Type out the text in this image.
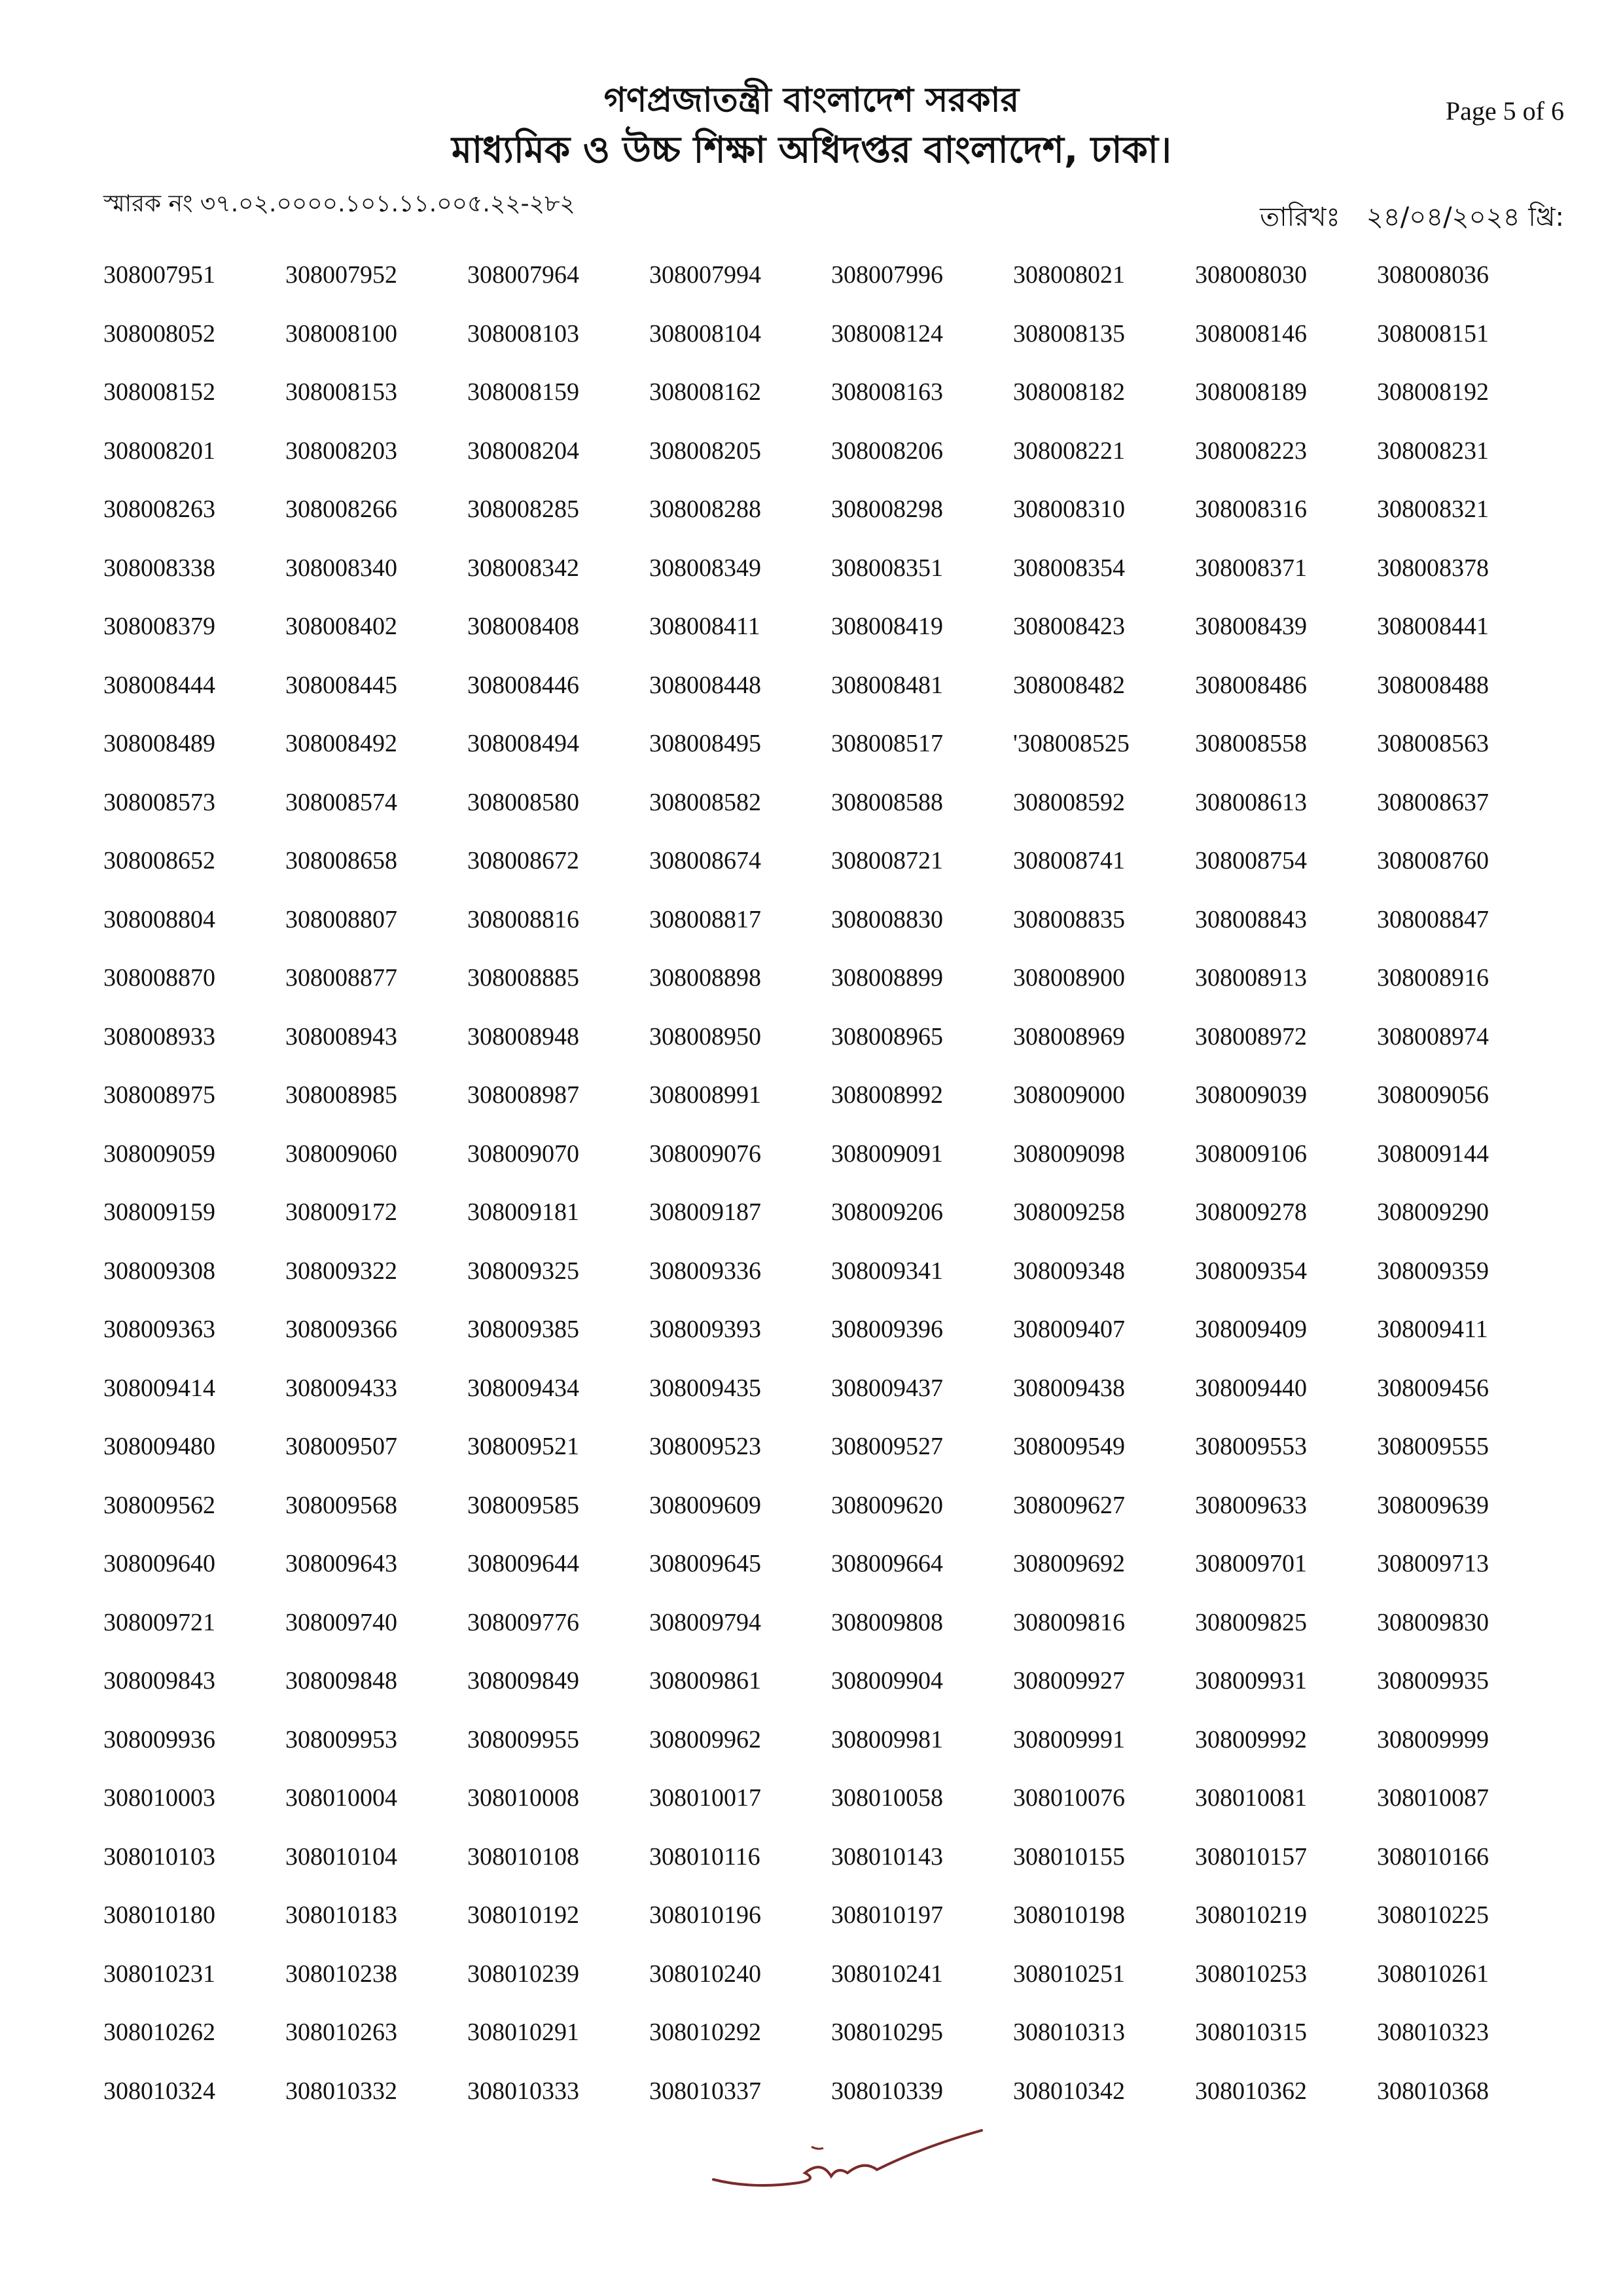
গণপ্রজাতন্ত্রী বাংলাদেশ সরকার
মাধ্যমিক ও উচ্চ শিক্ষা অধিদপ্তর বাংলাদেশ, ঢাকা।
Page 5 of 6
স্মারক নং ৩৭.০২.০০০০.১০১.১১.০০৫.২২-২৮২	তারিখঃ ২৪/০৪/২০২৪ খ্রি:
308007951	308007952	308007964	308007994	308007996	308008021	308008030	308008036
308008052	308008100	308008103	308008104	308008124	308008135	308008146	308008151
308008152	308008153	308008159	308008162	308008163	308008182	308008189	308008192
308008201	308008203	308008204	308008205	308008206	308008221	308008223	308008231
308008263	308008266	308008285	308008288	308008298	308008310	308008316	308008321
308008338	308008340	308008342	308008349	308008351	308008354	308008371	308008378
308008379	308008402	308008408	308008411	308008419	308008423	308008439	308008441
308008444	308008445	308008446	308008448	308008481	308008482	308008486	308008488
308008489	308008492	308008494	308008495	308008517	'308008525	308008558	308008563
308008573	308008574	308008580	308008582	308008588	308008592	308008613	308008637
308008652	308008658	308008672	308008674	308008721	308008741	308008754	308008760
308008804	308008807	308008816	308008817	308008830	308008835	308008843	308008847
308008870	308008877	308008885	308008898	308008899	308008900	308008913	308008916
308008933	308008943	308008948	308008950	308008965	308008969	308008972	308008974
308008975	308008985	308008987	308008991	308008992	308009000	308009039	308009056
308009059	308009060	308009070	308009076	308009091	308009098	308009106	308009144
308009159	308009172	308009181	308009187	308009206	308009258	308009278	308009290
308009308	308009322	308009325	308009336	308009341	308009348	308009354	308009359
308009363	308009366	308009385	308009393	308009396	308009407	308009409	308009411
308009414	308009433	308009434	308009435	308009437	308009438	308009440	308009456
308009480	308009507	308009521	308009523	308009527	308009549	308009553	308009555
308009562	308009568	308009585	308009609	308009620	308009627	308009633	308009639
308009640	308009643	308009644	308009645	308009664	308009692	308009701	308009713
308009721	308009740	308009776	308009794	308009808	308009816	308009825	308009830
308009843	308009848	308009849	308009861	308009904	308009927	308009931	308009935
308009936	308009953	308009955	308009962	308009981	308009991	308009992	308009999
308010003	308010004	308010008	308010017	308010058	308010076	308010081	308010087
308010103	308010104	308010108	308010116	308010143	308010155	308010157	308010166
308010180	308010183	308010192	308010196	308010197	308010198	308010219	308010225
308010231	308010238	308010239	308010240	308010241	308010251	308010253	308010261
308010262	308010263	308010291	308010292	308010295	308010313	308010315	308010323
308010324	308010332	308010333	308010337	308010339	308010342	308010362	308010368
